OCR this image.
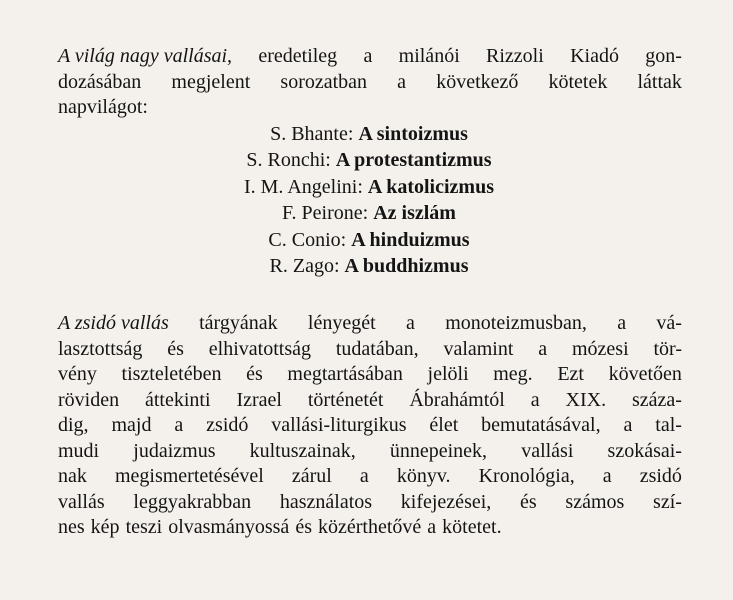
A világ nagy vallásai, eredetileg a milánói Rizzoli Kiadó gon-
dozásában megjelent sorozatban a következő kötetek láttak
napvilágot:
S. Bhante: A sintoizmus
S. Ronchi: A protestantizmus
I. M. Angelini: A katolicizmus
F. Peirone: Az iszlám
C. Conio: A hinduizmus
R. Zago: A buddhizmus
A zsidó vallás tárgyának lényegét a monoteizmusban, a vá-
lasztottság és elhivatottság tudatában, valamint a mózesi tör-
vény tiszteletében és megtartásában jelöli meg. Ezt követően
röviden áttekinti Izrael történetét Ábrahámtól a XIX. száza-
dig, majd a zsidó vallási-liturgikus élet bemutatásával, a tal-
mudi judaizmus kultuszainak, ünnepeinek, vallási szokásai-
nak megismertetésével zárul a könyv. Kronológia, a zsidó
vallás leggyakrabban használatos kifejezései, és számos szí-
nes kép teszi olvasmányossá és közérthetővé a kötetet.
